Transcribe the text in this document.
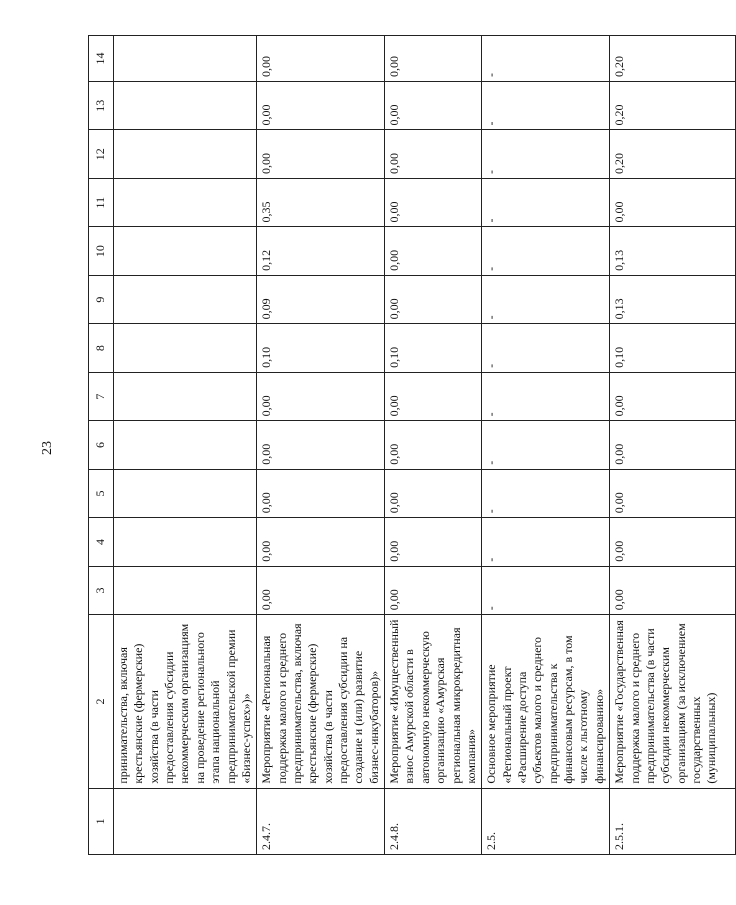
23
1	2	3	4	5	6	7	8	9	10	11	12	13	14
	принимательства, включая крестьянские (фермерские) хозяйства (в части предоставления субсидии некоммерческим организациям на проведение регионального этапа национальной предпринимательской премии «Бизнес-успех»)»												
2.4.7.	Мероприятие «Региональная поддержка малого и среднего предпринимательства, включая крестьянские (фермерские) хозяйства (в части предоставления субсидии на создание и (или) развитие бизнес-инкубаторов)»	0,00	0,00	0,00	0,00	0,00	0,10	0,09	0,12	0,35	0,00	0,00	0,00
2.4.8.	Мероприятие «Имущественный взнос Амурской области в автономную некоммерческую организацию «Амурская региональная микрокредитная компания»	0,00	0,00	0,00	0,00	0,00	0,10	0,00	0,00	0,00	0,00	0,00	0,00
2.5.	Основное мероприятие «Региональный проект «Расширение доступа субъектов малого и среднего предпринимательства к финансовым ресурсам, в том числе к льготному финансированию»	-	-	-	-	-	-	-	-	-	-	-	-
2.5.1.	Мероприятие «Государственная поддержка малого и среднего предпринимательства (в части субсидии некоммерческим организациям (за исключением государственных (муниципальных)	0,00	0,00	0,00	0,00	0,00	0,10	0,13	0,13	0,00	0,20	0,20	0,20
